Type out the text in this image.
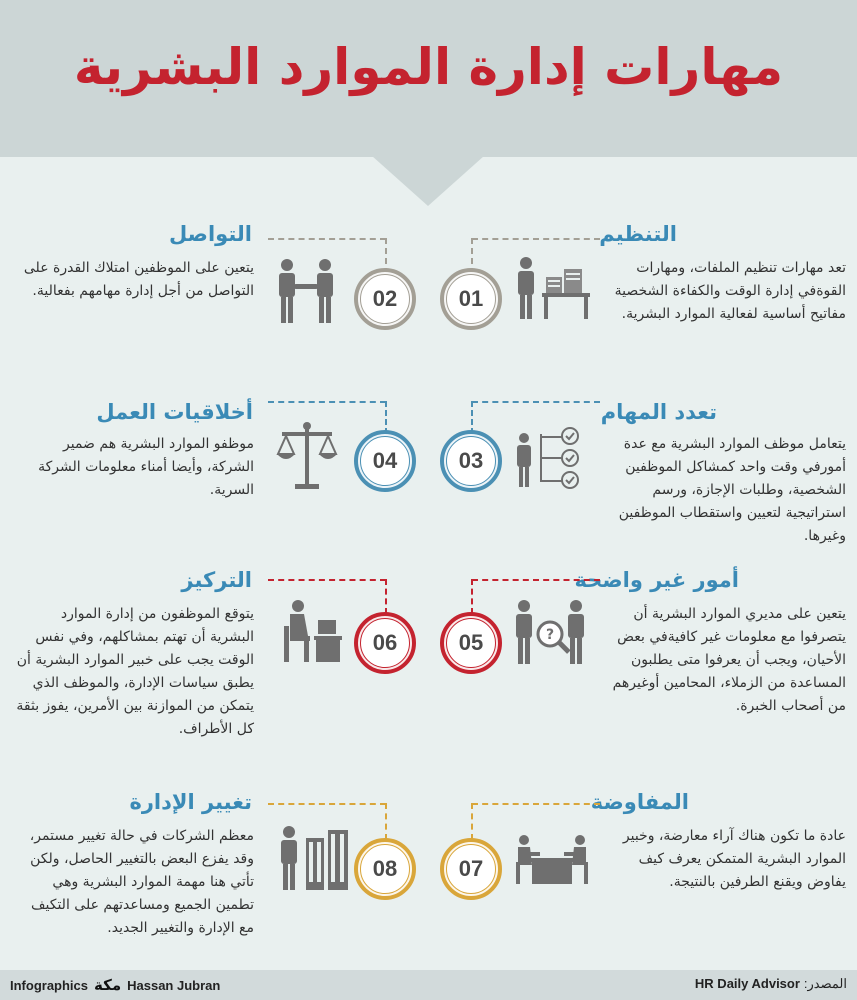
مهارات إدارة الموارد البشرية
التنظيم
تعد مهارات تنظيم الملفات، ومهارات القوةفي إدارة الوقت والكفاءة الشخصية مفاتيح أساسية لفعالية الموارد البشرية.
01
التواصل
يتعين على الموظفين امتلاك القدرة على التواصل من أجل إدارة مهامهم بفعالية.	02
تعدد المهام
يتعامل موظف الموارد البشرية مع عدة أمورفي وقت واحد كمشاكل الموظفين الشخصية، وطلبات الإجازة، ورسم استراتيجية لتعيين واستقطاب الموظفين وغيرها.
03
أخلاقيات العمل
موظفو الموارد البشرية هم ضمير الشركة، وأيضا أمناء معلومات الشركة السرية.
04
أمور غير واضحة
يتعين على مديري الموارد البشرية أن يتصرفوا مع معلومات غير كافيةفي بعض الأحيان، ويجب أن يعرفوا متى يطلبون المساعدة من الزملاء، المحامين أوغيرهم من أصحاب الخبرة.
05	?
التركيز
يتوقع الموظفون من إدارة الموارد البشرية أن تهتم بمشاكلهم، وفي نفس الوقت يجب على خبير الموارد البشرية أن يطبق سياسات الإدارة، والموظف الذي يتمكن من الموازنة بين الأمرين، يفوز بثقة كل الأطراف.
06
المفاوضة
عادة ما تكون هناك آراء معارضة، وخبير الموارد البشرية المتمكن يعرف كيف يفاوض ويقنع الطرفين بالنتيجة.
07
تغيير الإدارة
معظم الشركات في حالة تغيير مستمر، وقد يفزع البعض بالتغيير الحاصل، ولكن تأتي هنا مهمة الموارد البشرية وهي تطمين الجميع ومساعدتهم على التكيف مع الإدارة والتغيير الجديد.
08
Infographics مكة Hassan Jubran	المصدر:
HR Daily Advisor
